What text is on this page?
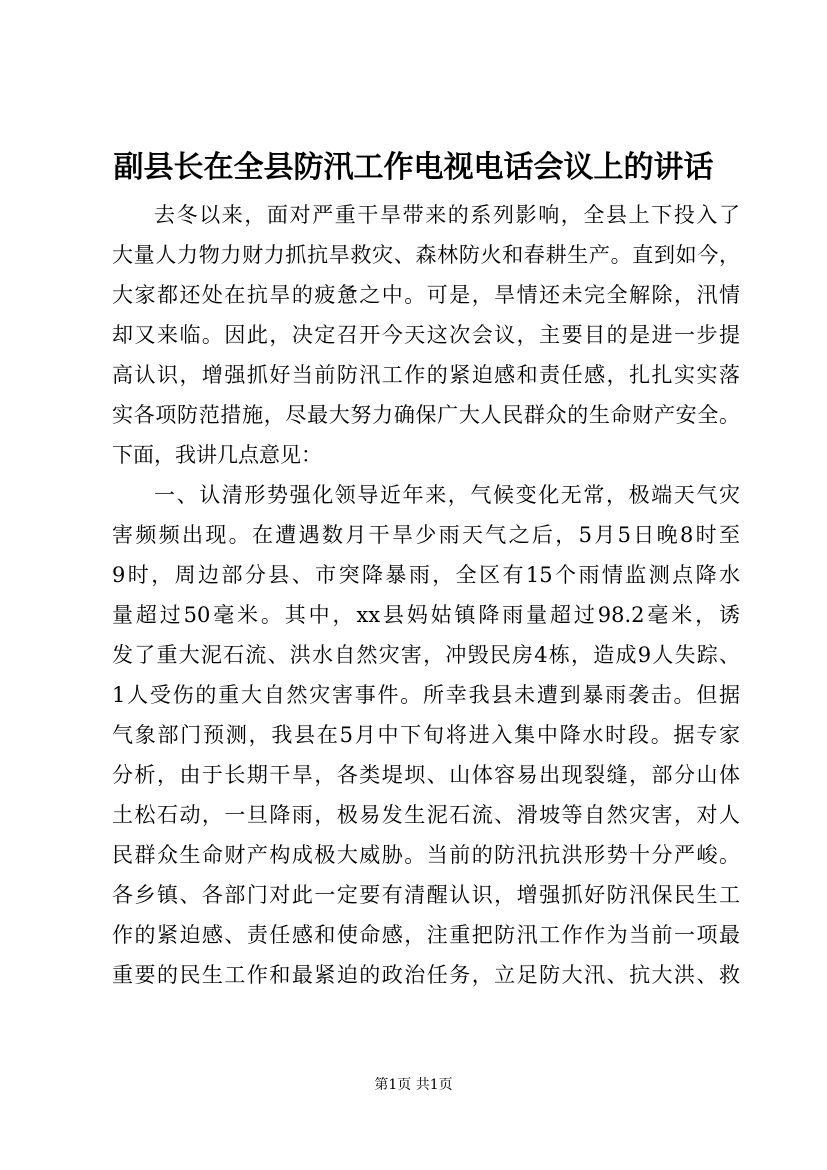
副县长在全县防汛工作电视电话会议上的讲话
去冬以来，面对严重干旱带来的系列影响，全县上下投入了
大量人力物力财力抓抗旱救灾、森林防火和春耕生产。直到如今，
大家都还处在抗旱的疲惫之中。可是，旱情还未完全解除，汛情
却又来临。因此，决定召开今天这次会议，主要目的是进一步提
高认识，增强抓好当前防汛工作的紧迫感和责任感，扎扎实实落
实各项防范措施，尽最大努力确保广大人民群众的生命财产安全。
下面，我讲几点意见：
一、认清形势强化领导近年来，气候变化无常，极端天气灾
害频频出现。在遭遇数月干旱少雨天气之后，5月5日晚8时至
9时，周边部分县、市突降暴雨，全区有15个雨情监测点降水
量超过50毫米。其中，xx县妈姑镇降雨量超过98.2毫米，诱
发了重大泥石流、洪水自然灾害，冲毁民房4栋，造成9人失踪、
1人受伤的重大自然灾害事件。所幸我县未遭到暴雨袭击。但据
气象部门预测，我县在5月中下旬将进入集中降水时段。据专家
分析，由于长期干旱，各类堤坝、山体容易出现裂缝，部分山体
土松石动，一旦降雨，极易发生泥石流、滑坡等自然灾害，对人
民群众生命财产构成极大威胁。当前的防汛抗洪形势十分严峻。
各乡镇、各部门对此一定要有清醒认识，增强抓好防汛保民生工
作的紧迫感、责任感和使命感，注重把防汛工作作为当前一项最
重要的民生工作和最紧迫的政治任务，立足防大汛、抗大洪、救
第1页 共1页
